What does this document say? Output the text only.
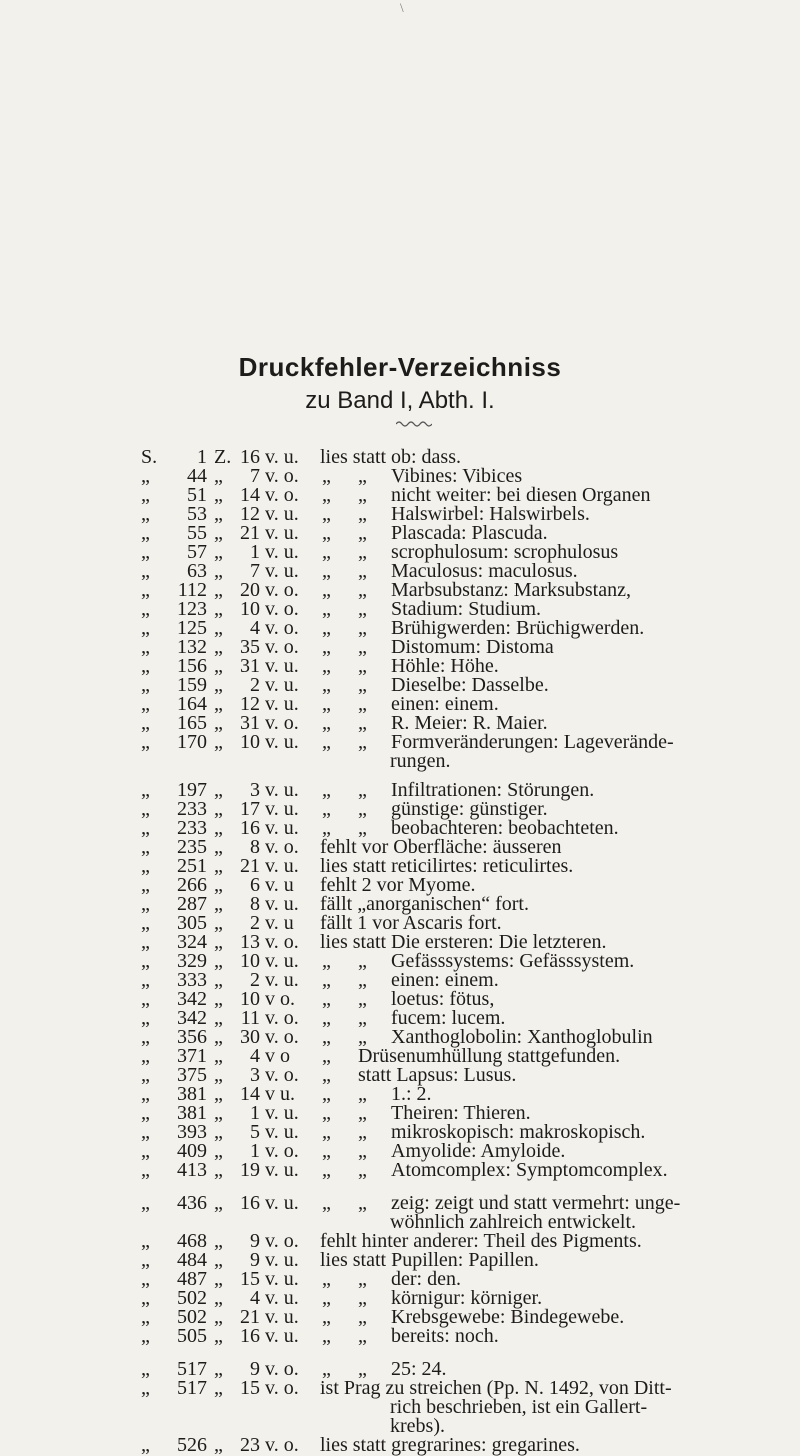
\
Druckfehler-Verzeichniss
zu Band I, Abth. I.
S.	1 Z. 16 v. u. lies statt ob: dass.
„	44 „	7 v. o. „ „ Vibines: Vibices
„	51 „ 14 v. o. „ „ nicht weiter: bei diesen Organen
„	53 „ 12 v. u. „ „ Halswirbel: Halswirbels.
„	55 „ 21 v. u. „ „ Plascada: Plascuda.
„	57 „	1 v. u. „ „ scrophulosum: scrophulosus
„	63 „	7 v. u. „ „ Maculosus: maculosus.
„	112 „ 20 v. o. „ „ Marbsubstanz: Marksubstanz,
„	123 „ 10 v. o. „ „ Stadium: Studium.
„	125 „	4 v. o. „ „ Brühigwerden: Brüchigwerden.
„	132 „ 35 v. o. „ „ Distomum: Distoma
„	156 „ 31 v. u. „ „ Höhle: Höhe.
„	159 „	2 v. u. „ „ Dieselbe: Dasselbe.
„	164 „ 12 v. u. „ „ einen: einem.
„	165 „ 31 v. o. „ „ R. Meier: R. Maier.
„	170 „ 10 v. u. „ „ Formveränderungen: Lageverände-
rungen.
„	197 „	3 v. u. „ „ Infiltrationen: Störungen.
„	233 „ 17 v. u. „ „ günstige: günstiger.
„	233 „ 16 v. u. „ „ beobachteren: beobachteten.
„	235 „	8 v. o. fehlt vor Oberfläche: äusseren
„	251 „ 21 v. u. lies statt reticilirtes: reticulirtes.
„	266 „	6 v. u fehlt 2 vor Myome.
„	287 „	8 v. u. fällt „anorganischen“ fort.
„	305 „	2 v. u fällt 1 vor Ascaris fort.
„	324 „ 13 v. o. lies statt Die ersteren: Die letzteren.
„	329 „ 10 v. u. „ „ Gefässsystems: Gefässsystem.
„	333 „	2 v. u. „ „ einen: einem.
„	342 „ 10 v o. „ „ loetus: fötus,
„	342 „ 11 v. o. „ „ fucem: lucem.
„	356 „ 30 v. o. „ „ Xanthoglobolin: Xanthoglobulin
„	371 „	4 v o „ Drüsenumhüllung stattgefunden.
„	375 „	3 v. o. „ statt Lapsus: Lusus.
„	381 „ 14 v u. „ „ 1.: 2.
„	381 „	1 v. u. „ „ Theiren: Thieren.
„	393 „	5 v. u. „ „ mikroskopisch: makroskopisch.
„	409 „	1 v. o. „ „ Amyolide: Amyloide.
„	413 „ 19 v. u. „ „ Atomcomplex: Symptomcomplex.
„	436 „ 16 v. u. „ „ zeig: zeigt und statt vermehrt: unge-
wöhnlich zahlreich entwickelt.
„	468 „	9 v. o. fehlt hinter anderer: Theil des Pigments.
„	484 „	9 v. u. lies statt Pupillen: Papillen.
„	487 „ 15 v. u. „ „ der: den.
„	502 „	4 v. u. „ „ körnigur: körniger.
„	502 „ 21 v. u. „ „ Krebsgewebe: Bindegewebe.
„	505 „ 16 v. u. „ „ bereits: noch.
„	517 „	9 v. o. „ „ 25: 24.
„	517 „ 15 v. o. ist Prag zu streichen (Pp. N. 1492, von Ditt-
rich beschrieben, ist ein Gallert-
krebs).
„	526 „ 23 v. o. lies statt gregrarines: gregarines.
